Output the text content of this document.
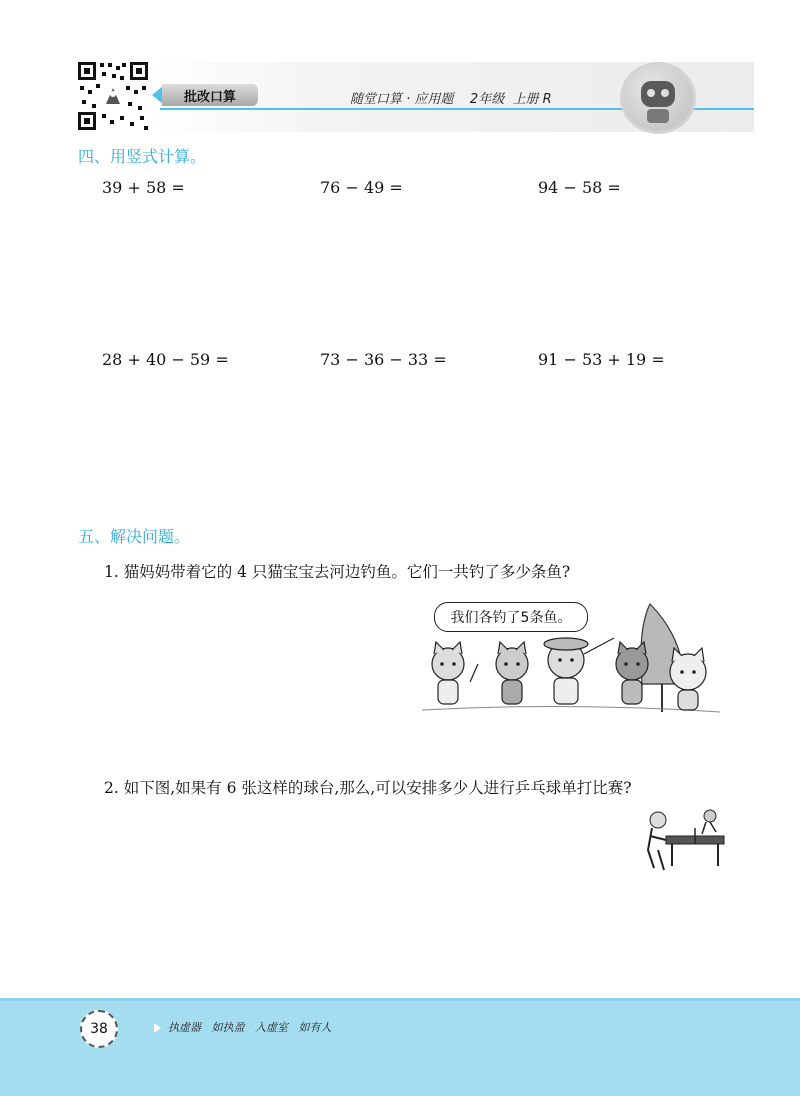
批改口算	随堂口算 · 应用题    2年级  上册 R
四、用竖式计算。
39 + 58 =	76 − 49 =	94 − 58 =
28 + 40 − 59 =	73 − 36 − 33 =	91 − 53 + 19 =
五、解决问题。
1. 猫妈妈带着它的 4 只猫宝宝去河边钓鱼。它们一共钓了多少条鱼?
我们各钓了5条鱼。
2. 如下图,如果有 6 张这样的球台,那么,可以安排多少人进行乒乓球单打比赛?
38	执虚器   如执盈   入虚室   如有人
